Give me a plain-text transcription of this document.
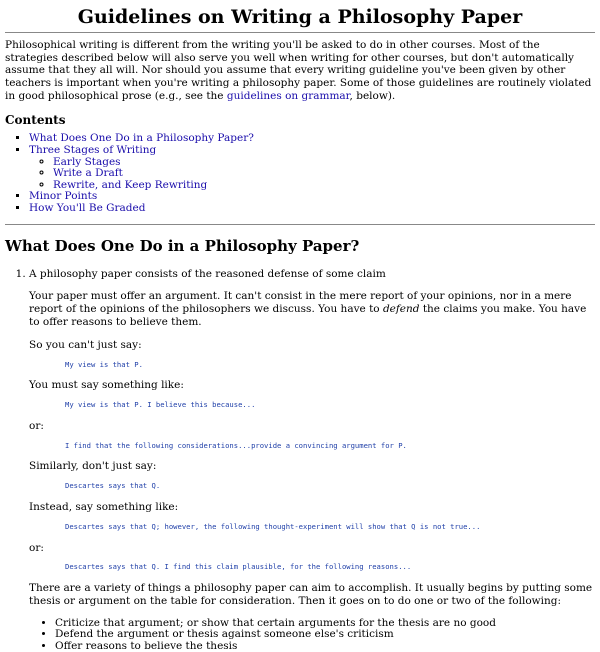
Guidelines on Writing a Philosophy Paper

Philosophical writing is different from the writing you'll be asked to do in other courses. Most of the strategies described below will also serve you well when writing for other courses, but don't automatically assume that they all will. Nor should you assume that every writing guideline you've been given by other teachers is important when you're writing a philosophy paper. Some of those guidelines are routinely violated in good philosophical prose (e.g., see the guidelines on grammar, below).

Contents
▪ What Does One Do in a Philosophy Paper?
▪ Three Stages of Writing
◦ Early Stages
◦ Write a Draft
◦ Rewrite, and Keep Rewriting
▪ Minor Points
▪ How You'll Be Graded
What Does One Do in a Philosophy Paper?
1. A philosophy paper consists of the reasoned defense of some claim

Your paper must offer an argument. It can't consist in the mere report of your opinions, nor in a mere report of the opinions of the philosophers we discuss. You have to defend the claims you make. You have to offer reasons to believe them.

So you can't just say:

My view is that P.

You must say something like:

My view is that P. I believe this because...

or:

I find that the following considerations...provide a convincing argument for P.

Similarly, don't just say:

Descartes says that Q.

Instead, say something like:

Descartes says that Q; however, the following thought-experiment will show that Q is not true...

or:

Descartes says that Q. I find this claim plausible, for the following reasons...

There are a variety of things a philosophy paper can aim to accomplish. It usually begins by putting some thesis or argument on the table for consideration. Then it goes on to do one or two of the following:

• Criticize that argument; or show that certain arguments for the thesis are no good
• Defend the argument or thesis against someone else's criticism
• Offer reasons to believe the thesis
